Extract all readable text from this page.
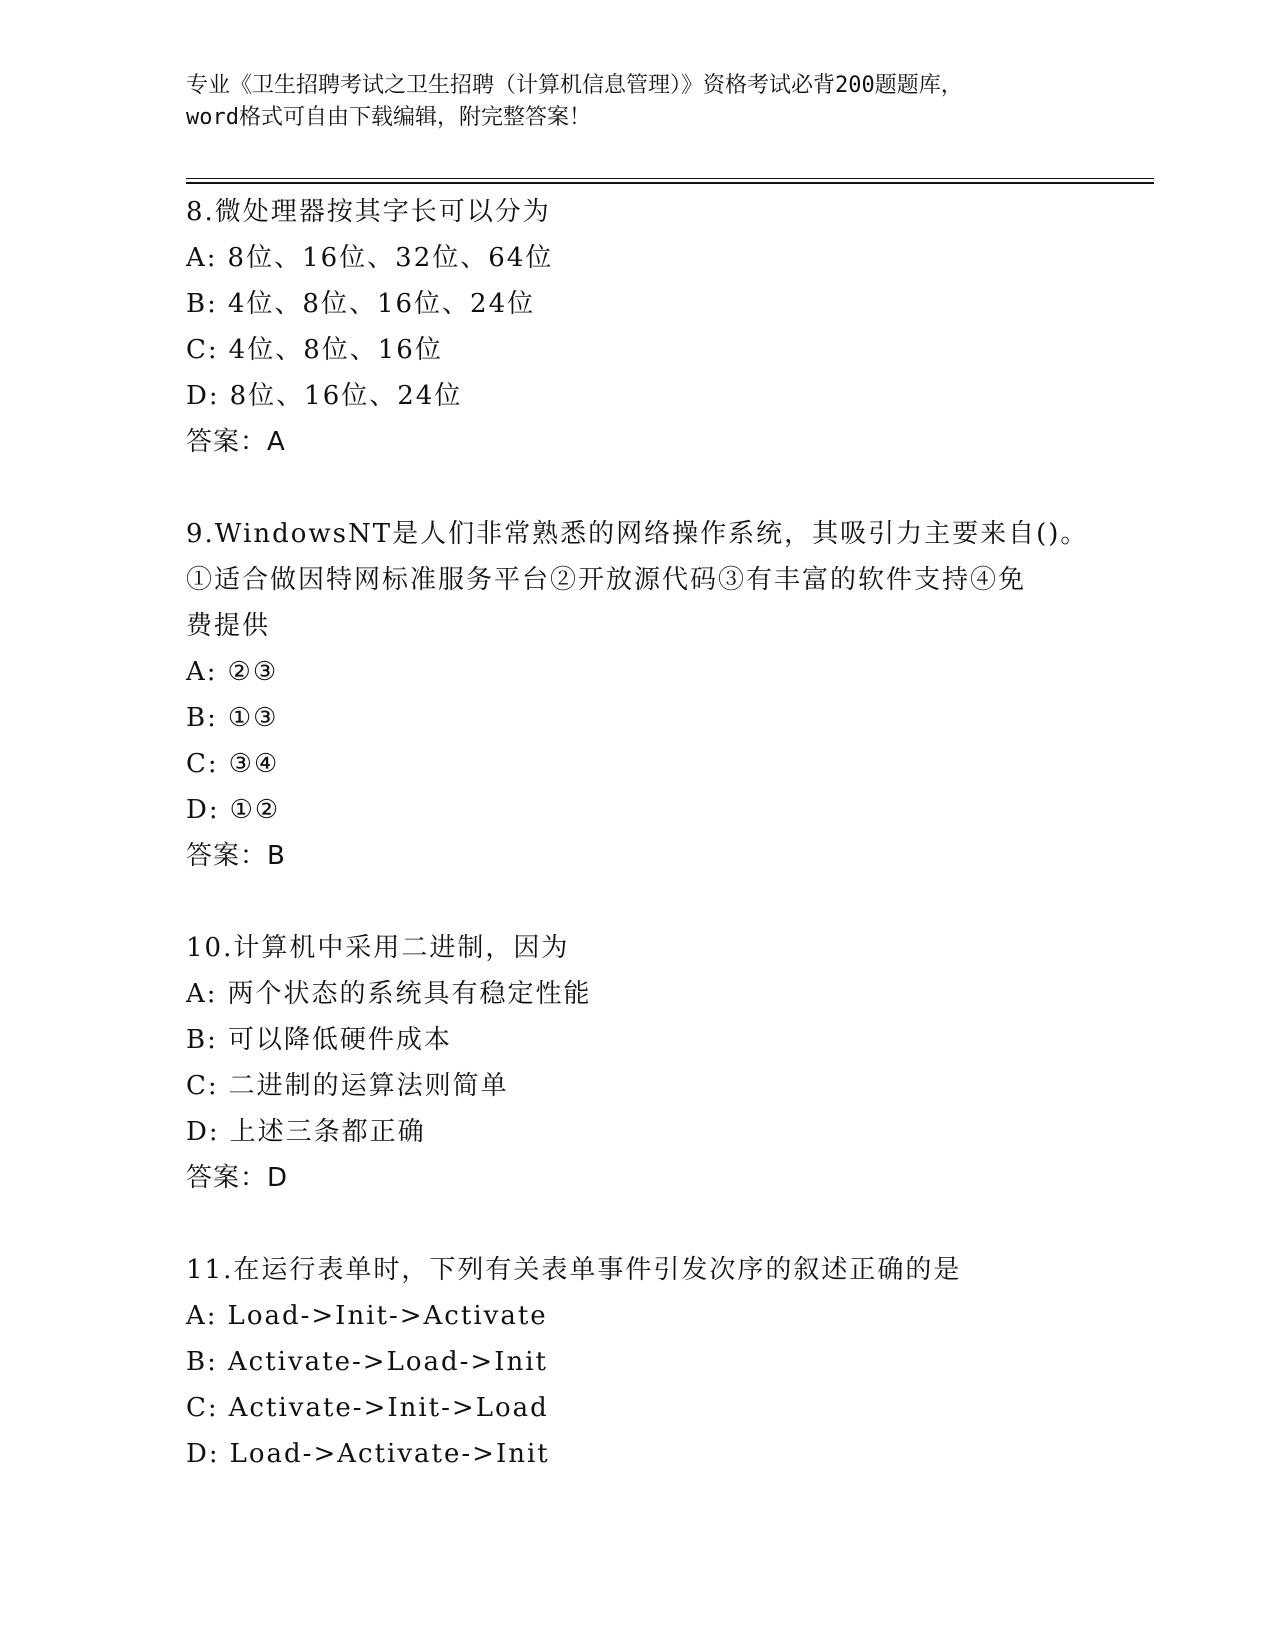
专业《卫生招聘考试之卫生招聘（计算机信息管理）》资格考试必背200题题库，
word格式可自由下载编辑，附完整答案！
8.微处理器按其字长可以分为
A: 8位、16位、32位、64位
B: 4位、8位、16位、24位
C: 4位、8位、16位
D: 8位、16位、24位
答案：A
9.WindowsNT是人们非常熟悉的网络操作系统，其吸引力主要来自()。
①适合做因特网标准服务平台②开放源代码③有丰富的软件支持④免
费提供
A: ②③
B: ①③
C: ③④
D: ①②
答案：B
10.计算机中采用二进制，因为
A: 两个状态的系统具有稳定性能
B: 可以降低硬件成本
C: 二进制的运算法则简单
D: 上述三条都正确
答案：D
11.在运行表单时，下列有关表单事件引发次序的叙述正确的是
A: Load->Init->Activate
B: Activate->Load->Init
C: Activate->Init->Load
D: Load->Activate->Init
